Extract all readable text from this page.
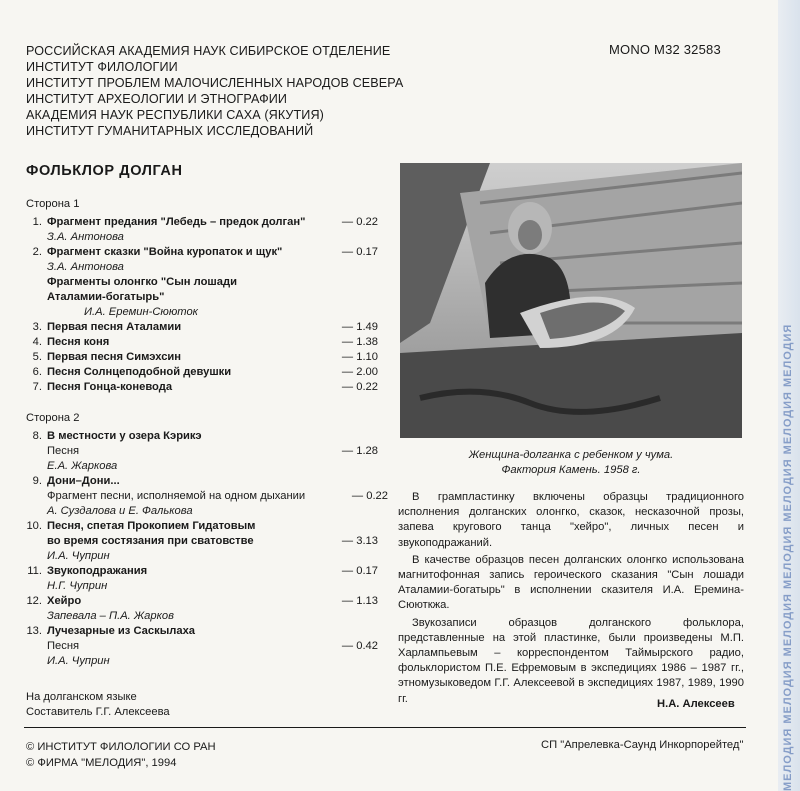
РОССИЙСКАЯ АКАДЕМИЯ НАУК СИБИРСКОЕ ОТДЕЛЕНИЕ
ИНСТИТУТ ФИЛОЛОГИИ
ИНСТИТУТ ПРОБЛЕМ МАЛОЧИСЛЕННЫХ НАРОДОВ СЕВЕРА
ИНСТИТУТ АРХЕОЛОГИИ И ЭТНОГРАФИИ
АКАДЕМИЯ НАУК РЕСПУБЛИКИ САХА (ЯКУТИЯ)
ИНСТИТУТ ГУМАНИТАРНЫХ ИССЛЕДОВАНИЙ
MONO M32 32583
ФОЛЬКЛОР ДОЛГАН
Сторона 1
1. Фрагмент предания "Лебедь – предок долган"	— 0.22
З.А. Антонова
2. Фрагмент сказки "Война куропаток и щук"	— 0.17
З.А. Антонова
Фрагменты олонгко "Сын лошади
Аталамии-богатырь"
И.А. Еремин-Сююток
3. Первая песня Аталамии	— 1.49
4. Песня коня	— 1.38
5. Первая песня Симэхсин	— 1.10
6. Песня Солнцеподобной девушки	— 2.00
7. Песня Гонца-коневода	— 0.22
Сторона 2
8. В местности у озера Кэрикэ
Песня	— 1.28
Е.А. Жаркова
9. Дони–Дони...
Фрагмент песни, исполняемой на одном дыхании	— 0.22
А. Суздалова и Е. Фалькова
10. Песня, спетая Прокопием Гидатовым
во время состязания при сватовстве	— 3.13
И.А. Чуприн
11. Звукоподражания	— 0.17
Н.Г. Чуприн
12. Хейро	— 1.13
Запевала – П.А. Жарков
13. Лучезарные из Саскылаха
Песня	— 0.42
И.А. Чуприн
На долганском языке
Составитель Г.Г. Алексеева
Женщина-долганка с ребенком у чума.
Фактория Камень. 1958 г.

В грампластинку включены образцы традиционного исполнения долганских олонгко, сказок, несказочной прозы, запева кругового танца "хейро", личных песен и звукоподражаний.

В качестве образцов песен долганских олонгко использована магнитофонная запись героического сказания "Сын лошади Аталамии-богатырь" в исполнении сказителя И.А. Еремина-Сююткжа.

Звукозаписи образцов долганского фольклора, представленные на этой пластинке, были произведены М.П. Харлампьевым – корреспондентом Таймырского радио, фольклористом П.Е. Ефремовым в экспедициях 1986 – 1987 гг., этномузыковедом Г.Г. Алексеевой в экспедициях 1987, 1989, 1990 гг.	Н.А. Алексеев
© ИНСТИТУТ ФИЛОЛОГИИ СО РАН
© ФИРМА "МЕЛОДИЯ", 1994
СП "Апрелевка-Саунд Инкорпорейтед"	МЕЛОДИЯ МЕЛОДИЯ МЕЛОДИЯ МЕЛОДИЯ МЕЛОДИЯ МЕЛОДИЯ МЕЛОДИЯ
